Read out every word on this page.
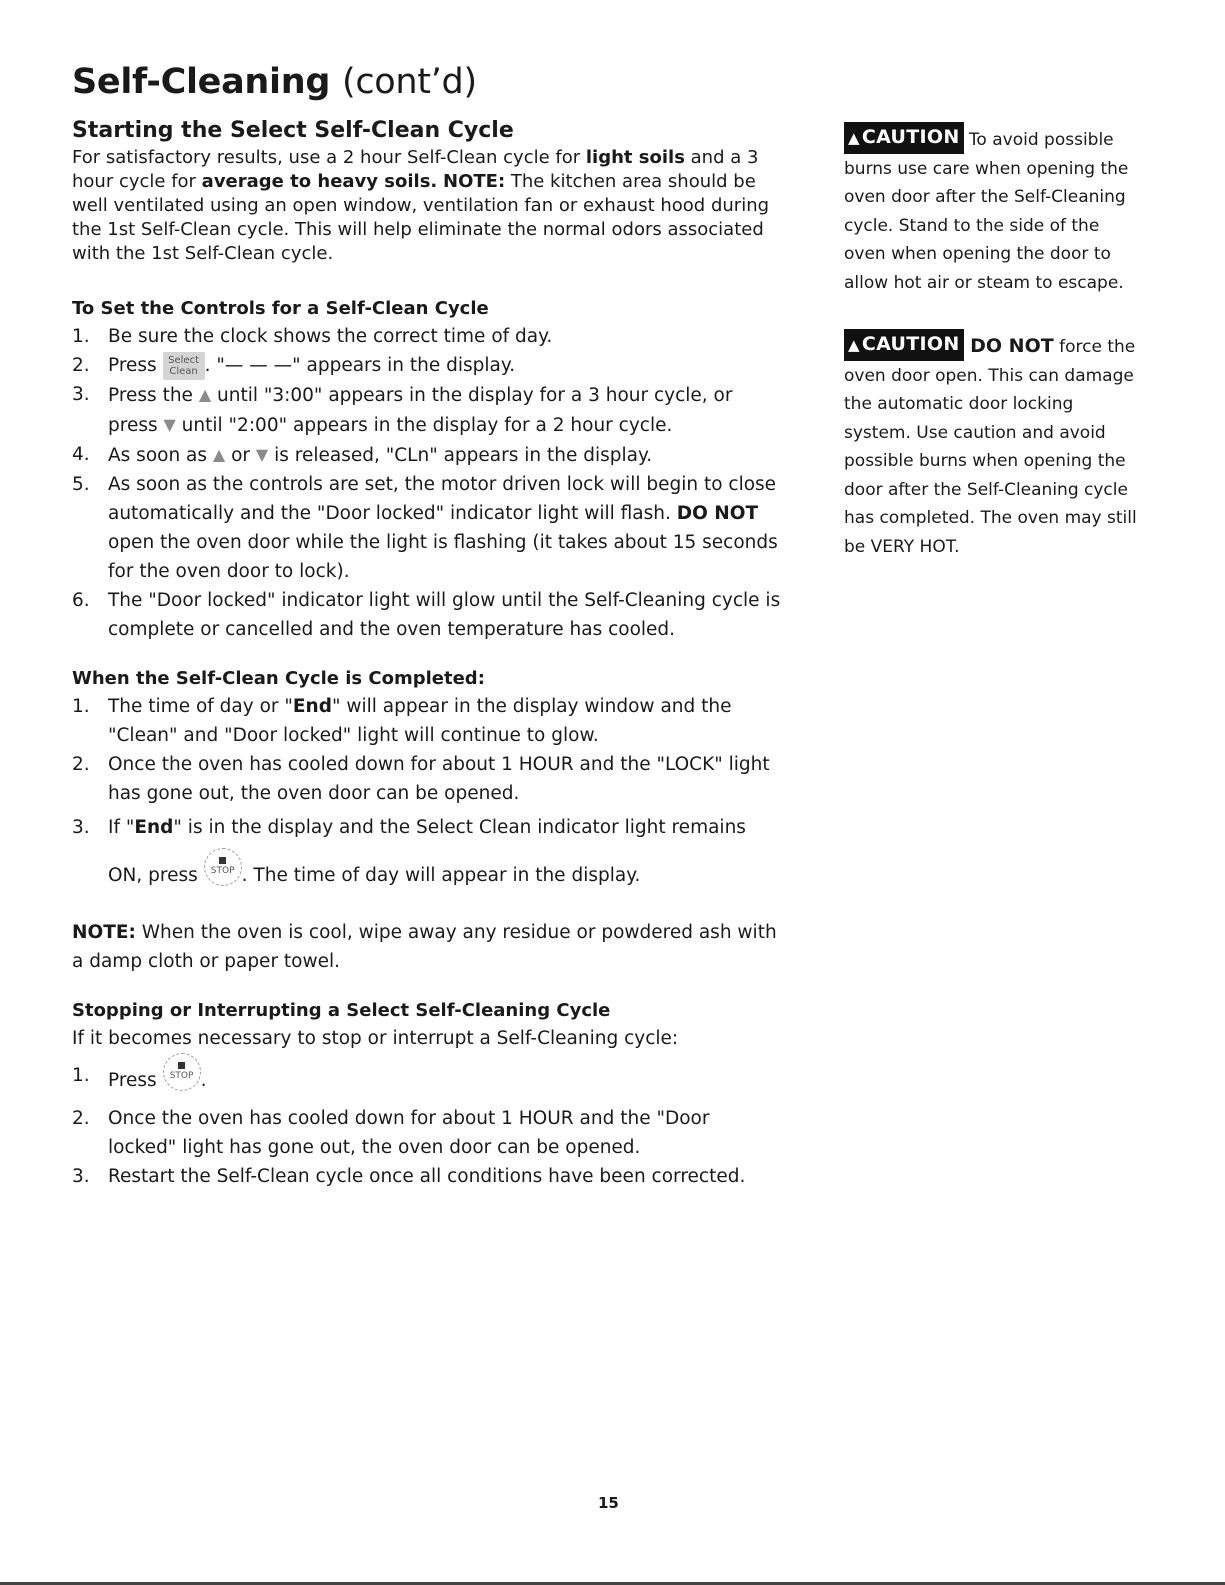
Self-Cleaning (cont’d)
Starting the Select Self-Clean Cycle

For satisfactory results, use a 2 hour Self-Clean cycle for light soils and a 3 hour cycle for average to heavy soils. NOTE: The kitchen area should be well ventilated using an open window, ventilation fan or exhaust hood during the 1st Self-Clean cycle. This will help eliminate the normal odors associated with the 1st Self-Clean cycle.

To Set the Controls for a Self-Clean Cycle
1. Be sure the clock shows the correct time of day.
2. Press Select
Clean . "— — —" appears in the display.
3. Press the ▲ until "3:00" appears in the display for a 3 hour cycle, or press ▼ until "2:00" appears in the display for a 2 hour cycle.
4. As soon as ▲ or ▼ is released, "CLn" appears in the display.
5. As soon as the controls are set, the motor driven lock will begin to close automatically and the "Door locked" indicator light will flash. DO NOT open the oven door while the light is flashing (it takes about 15 seconds for the oven door to lock).
6. The "Door locked" indicator light will glow until the Self-Cleaning cycle is complete or cancelled and the oven temperature has cooled.
When the Self-Clean Cycle is Completed:
1. The time of day or "End" will appear in the display window and the "Clean" and "Door locked" light will continue to glow.
2. Once the oven has cooled down for about 1 HOUR and the "LOCK" light has gone out, the oven door can be opened.
3. If "End" is in the display and the Select Clean indicator light remains ON, press
STOP . The time of day will appear in the display.

NOTE: When the oven is cool, wipe away any residue or powdered ash with a damp cloth or paper towel.

Stopping or Interrupting a Select Self-Cleaning Cycle

If it becomes necessary to stop or interrupt a Self-Cleaning cycle:

1. Press
STOP .
2. Once the oven has cooled down for about 1 HOUR and the "Door locked" light has gone out, the oven door can be opened.
3. Restart the Self-Clean cycle once all conditions have been corrected.

▲ CAUTION To avoid possible burns use care when opening the oven door after the Self-Cleaning cycle. Stand to the side of the oven when opening the door to allow hot air or steam to escape.

▲ CAUTION DO NOT force the oven door open. This can damage the automatic door locking system. Use caution and avoid possible burns when opening the door after the Self-Cleaning cycle has completed. The oven may still be VERY HOT.

15
